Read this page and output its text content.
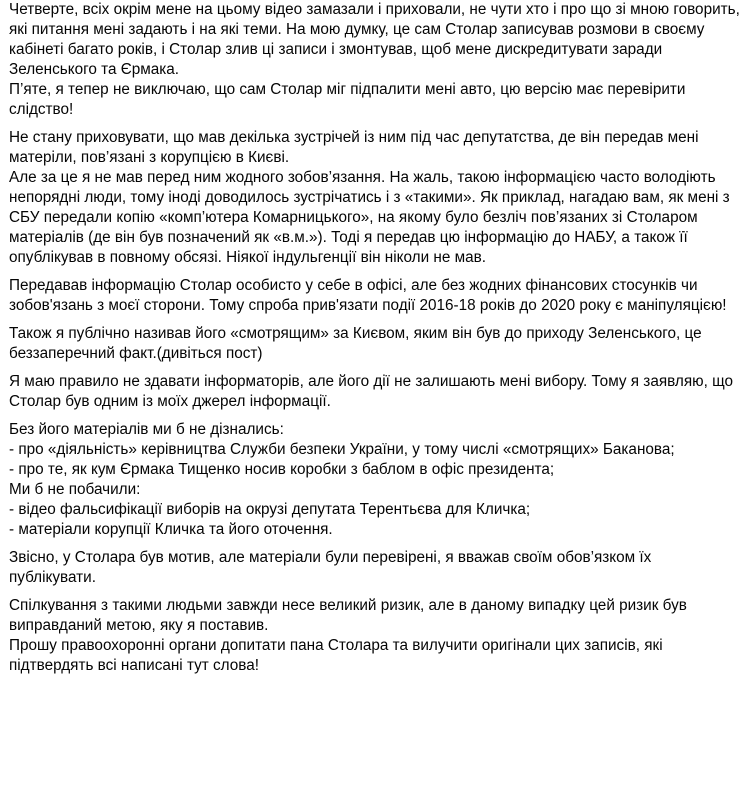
Четверте, всіх окрім мене на цьому відео замазали і приховали, не чути хто і про що зі мною говорить, які питання мені задають і на які теми. На мою думку, це сам Столар записував розмови в своєму кабінеті багато років, і Столар злив ці записи і змонтував, щоб мене дискредитувати заради Зеленського та Єрмака.
П’яте, я тепер не виключаю, що сам Столар міг підпалити мені авто, цю версію має перевірити слідство!
Не стану приховувати, що мав декілька зустрічей із ним під час депутатства, де він передав мені матеріли, пов’язані з корупцією в Києві.
Але за це я не мав перед ним жодного зобов’язання. На жаль, такою інформацією часто володіють непорядні люди, тому іноді доводилось зустрічатись і з «такими». Як приклад, нагадаю вам, як мені з СБУ передали копію «комп’ютера Комарницького», на якому було безліч пов’язаних зі Столаром матеріалів (де він був позначений як «в.м.»). Тоді я передав цю інформацію до НАБУ, а також її опублікував в повному обсязі. Ніякої індульгенції він ніколи не мав.
Передавав інформацію Столар особисто у себе в офісі, але без жодних фінансових стосунків чи зобов'язань з моєї сторони. Тому спроба прив'язати події 2016-18 років до 2020 року є маніпуляцією!
Також я публічно називав його «смотрящим» за Києвом, яким він був до приходу Зеленського, це беззаперечний факт.(дивіться пост)
Я маю правило не здавати інформаторів, але його дії не залишають мені вибору. Тому я заявляю, що Столар був одним із моїх джерел інформації.
Без його матеріалів ми б не дізнались:
- про «діяльність» керівництва Служби безпеки України, у тому числі «смотрящих» Баканова;
- про те, як кум Єрмака Тищенко носив коробки з баблом в офіс президента;
Ми б не побачили:
- відео фальсифікації виборів на окрузі депутата Терентьєва для Кличка;
- матеріали корупції Кличка та його оточення.
Звісно, у Столара був мотив, але матеріали були перевірені, я вважав своїм обов’язком їх публікувати.
Спілкування з такими людьми завжди несе великий ризик, але в даному випадку цей ризик був виправданий метою, яку я поставив.
Прошу правоохоронні органи допитати пана Столара та вилучити оригінали цих записів, які підтвердять всі написані тут слова!
